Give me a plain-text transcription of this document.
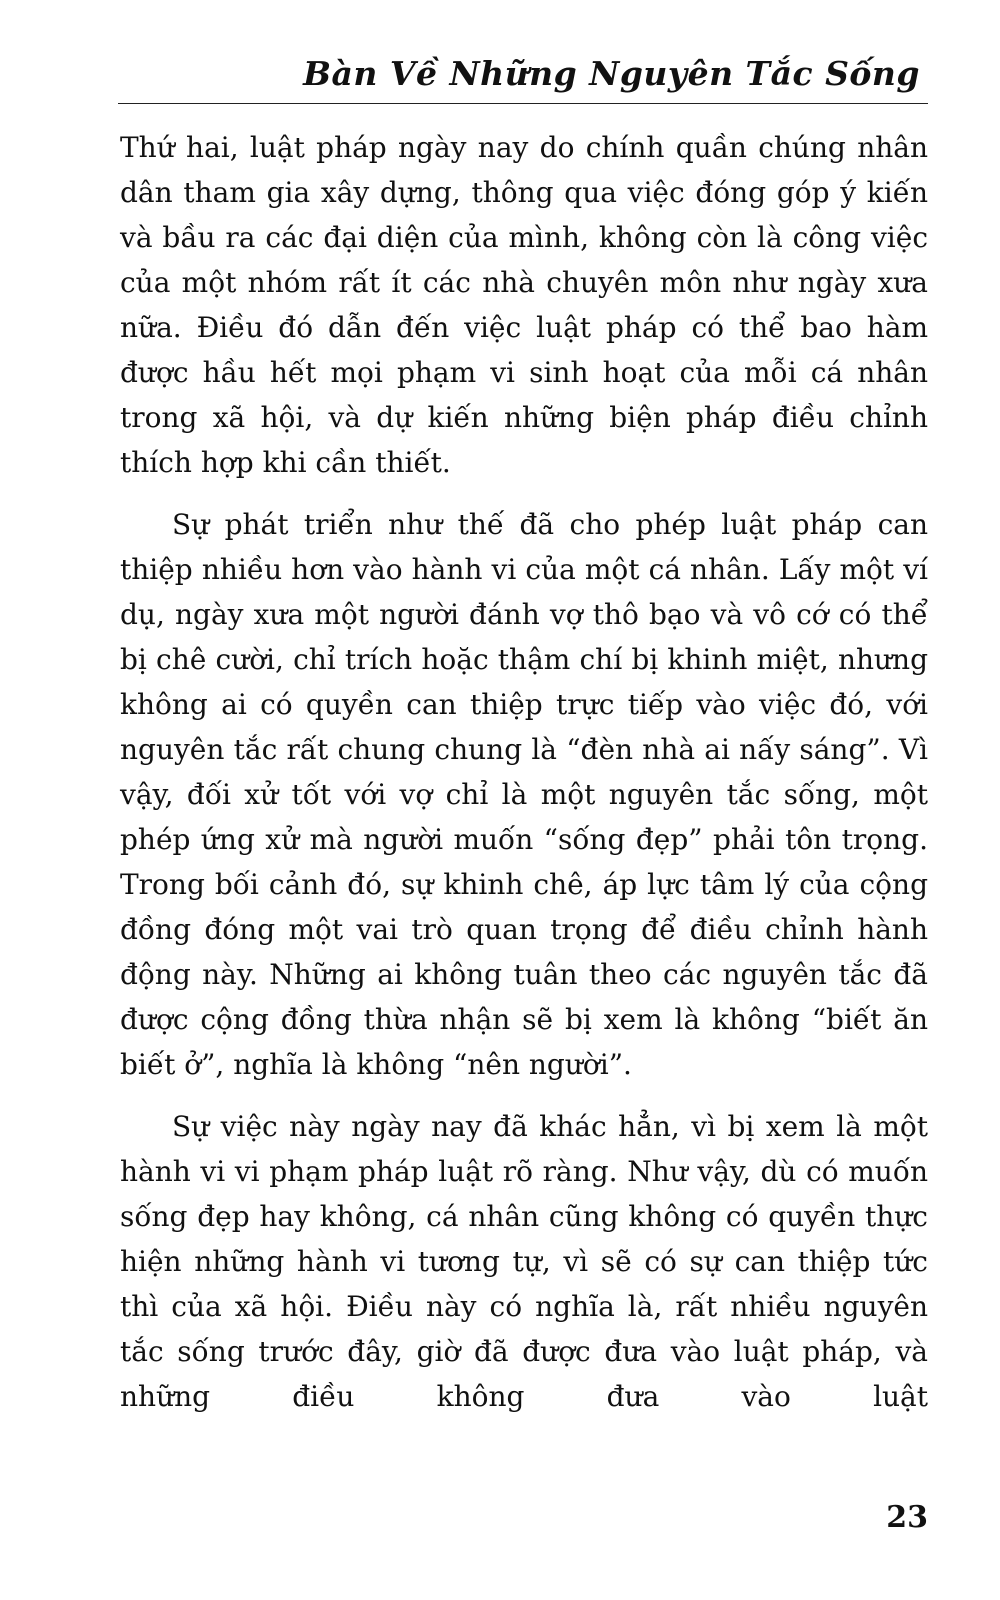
Bàn Về Những Nguyên Tắc Sống

Thứ hai, luật pháp ngày nay do chính quần chúng nhân dân tham gia xây dựng, thông qua việc đóng góp ý kiến và bầu ra các đại diện của mình, không còn là công việc của một nhóm rất ít các nhà chuyên môn như ngày xưa nữa. Điều đó dẫn đến việc luật pháp có thể bao hàm được hầu hết mọi phạm vi sinh hoạt của mỗi cá nhân trong xã hội, và dự kiến những biện pháp điều chỉnh thích hợp khi cần thiết.

Sự phát triển như thế đã cho phép luật pháp can thiệp nhiều hơn vào hành vi của một cá nhân. Lấy một ví dụ, ngày xưa một người đánh vợ thô bạo và vô cớ có thể bị chê cười, chỉ trích hoặc thậm chí bị khinh miệt, nhưng không ai có quyền can thiệp trực tiếp vào việc đó, với nguyên tắc rất chung chung là “đèn nhà ai nấy sáng”. Vì vậy, đối xử tốt với vợ chỉ là một nguyên tắc sống, một phép ứng xử mà người muốn “sống đẹp” phải tôn trọng. Trong bối cảnh đó, sự khinh chê, áp lực tâm lý của cộng đồng đóng một vai trò quan trọng để điều chỉnh hành động này. Những ai không tuân theo các nguyên tắc đã được cộng đồng thừa nhận sẽ bị xem là không “biết ăn biết ở”, nghĩa là không “nên người”.

Sự việc này ngày nay đã khác hẳn, vì bị xem là một hành vi vi phạm pháp luật rõ ràng. Như vậy, dù có muốn sống đẹp hay không, cá nhân cũng không có quyền thực hiện những hành vi tương tự, vì sẽ có sự can thiệp tức thì của xã hội. Điều này có nghĩa là, rất nhiều nguyên tắc sống trước đây, giờ đã được đưa vào luật pháp, và những điều không đưa vào luật

23
